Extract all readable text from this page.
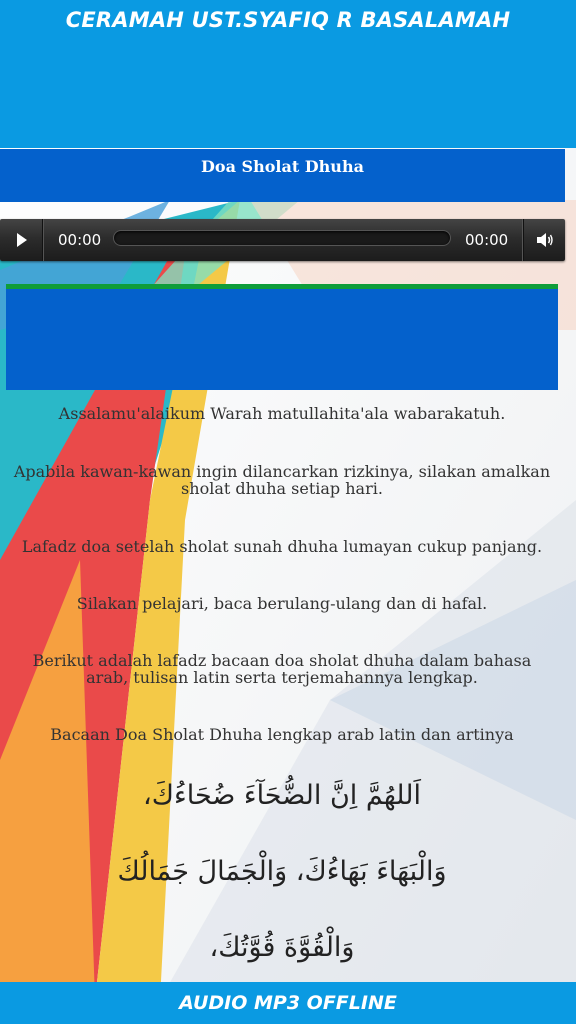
CERAMAH UST.SYAFIQ R BASALAMAH
Doa Sholat Dhuha
00:00	00:00

Assalamu'alaikum Warah matullahita'ala wabarakatuh.

Apabila kawan-kawan ingin dilancarkan rizkinya, silakan amalkan sholat dhuha setiap hari.

Lafadz doa setelah sholat sunah dhuha lumayan cukup panjang.

Silakan pelajari, baca berulang-ulang dan di hafal.

Berikut adalah lafadz bacaan doa sholat dhuha dalam bahasa arab, tulisan latin serta terjemahannya lengkap.

Bacaan Doa Sholat Dhuha lengkap arab latin dan artinya

اَللهُمَّ اِنَّ الضُّحَآءَ ضُحَاءُكَ،

وَالْبَهَاءَ بَهَاءُكَ، وَالْجَمَالَ جَمَالُكَ

وَالْقُوَّةَ قُوَّتُكَ،

AUDIO MP3 OFFLINE
